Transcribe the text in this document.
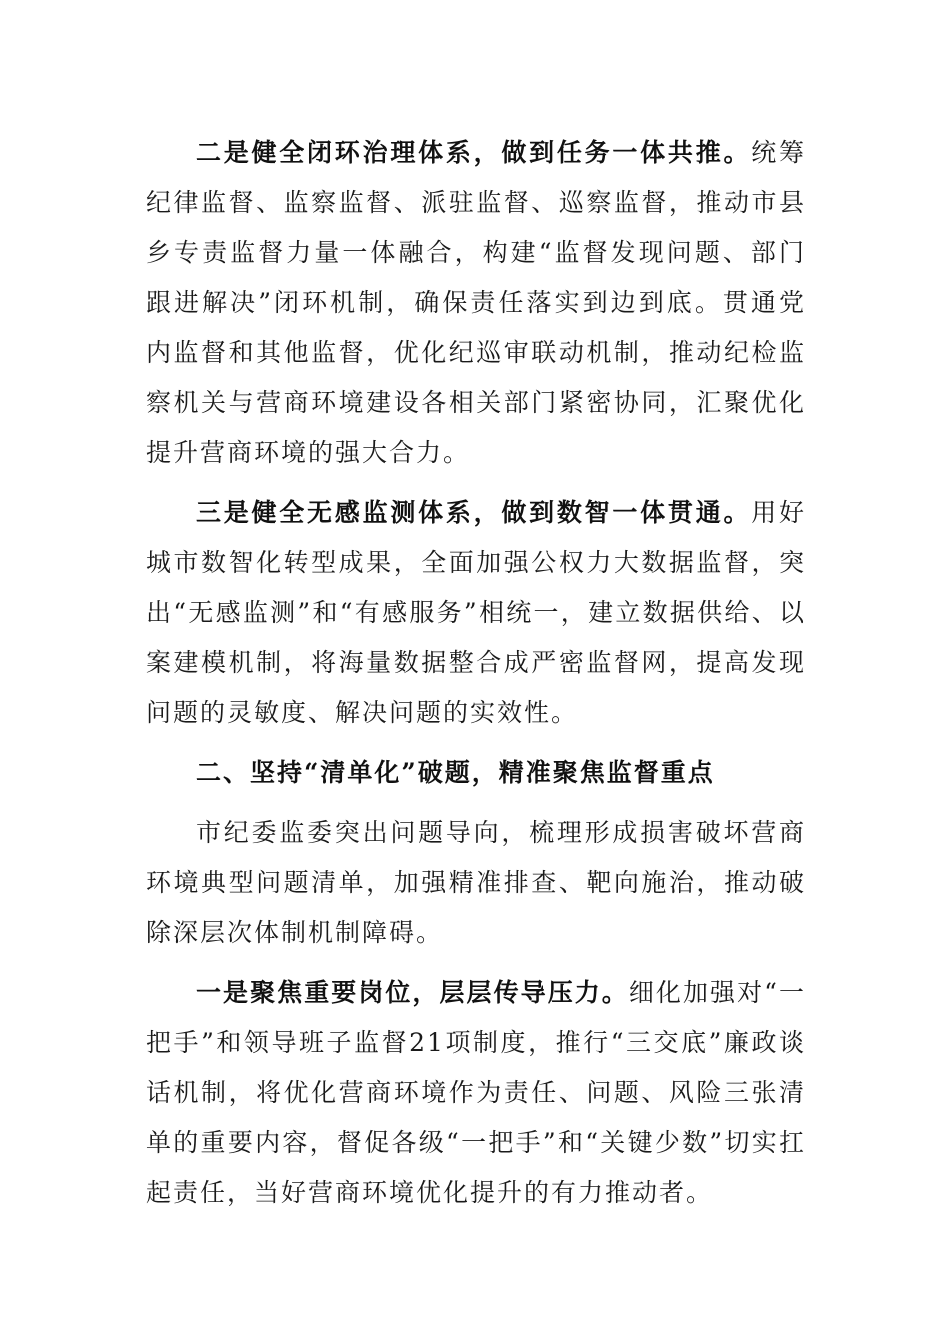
二是健全闭环治理体系，做到任务一体共推。统筹纪律监督、监察监督、派驻监督、巡察监督，推动市县乡专责监督力量一体融合，构建“监督发现问题、部门跟进解决”闭环机制，确保责任落实到边到底。贯通党内监督和其他监督，优化纪巡审联动机制，推动纪检监察机关与营商环境建设各相关部门紧密协同，汇聚优化提升营商环境的强大合力。

三是健全无感监测体系，做到数智一体贯通。用好城市数智化转型成果，全面加强公权力大数据监督，突出“无感监测”和“有感服务”相统一，建立数据供给、以案建模机制，将海量数据整合成严密监督网，提高发现问题的灵敏度、解决问题的实效性。

二、坚持“清单化”破题，精准聚焦监督重点

市纪委监委突出问题导向，梳理形成损害破坏营商环境典型问题清单，加强精准排查、靶向施治，推动破除深层次体制机制障碍。

一是聚焦重要岗位，层层传导压力。细化加强对“一把手”和领导班子监督21项制度，推行“三交底”廉政谈话机制，将优化营商环境作为责任、问题、风险三张清单的重要内容，督促各级“一把手”和“关键少数”切实扛起责任，当好营商环境优化提升的有力推动者。
